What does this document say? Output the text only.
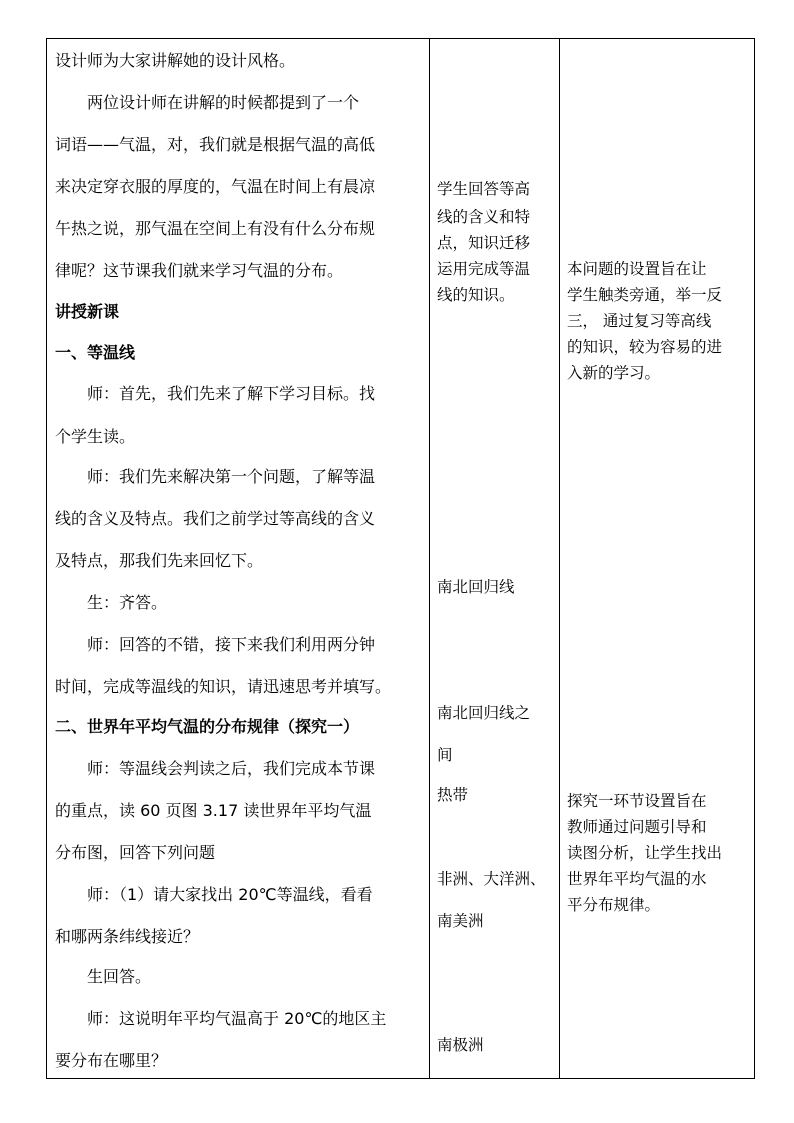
设计师为大家讲解她的设计风格。
两位设计师在讲解的时候都提到了一个
词语——气温，对，我们就是根据气温的高低
来决定穿衣服的厚度的，气温在时间上有晨凉
午热之说，那气温在空间上有没有什么分布规
律呢？这节课我们就来学习气温的分布。
讲授新课
一、等温线
师：首先，我们先来了解下学习目标。找
个学生读。
师：我们先来解决第一个问题，了解等温
线的含义及特点。我们之前学过等高线的含义
及特点，那我们先来回忆下。
生：齐答。
师：回答的不错，接下来我们利用两分钟
时间，完成等温线的知识，请迅速思考并填写。
二、世界年平均气温的分布规律（探究一）
师：等温线会判读之后，我们完成本节课
的重点，读 60 页图 3.17 读世界年平均气温
分布图，回答下列问题
师：（1）请大家找出 20℃等温线，看看
和哪两条纬线接近？
生回答。
师：这说明年平均气温高于 20℃的地区主
要分布在哪里？
学生回答等高
线的含义和特
点，知识迁移
运用完成等温
线的知识。
南北回归线
南北回归线之
间
热带
非洲、大洋洲、
南美洲
南极洲
本问题的设置旨在让
学生触类旁通，举一反
三， 通过复习等高线
的知识，较为容易的进
入新的学习。
探究一环节设置旨在
教师通过问题引导和
读图分析，让学生找出
世界年平均气温的水
平分布规律。
